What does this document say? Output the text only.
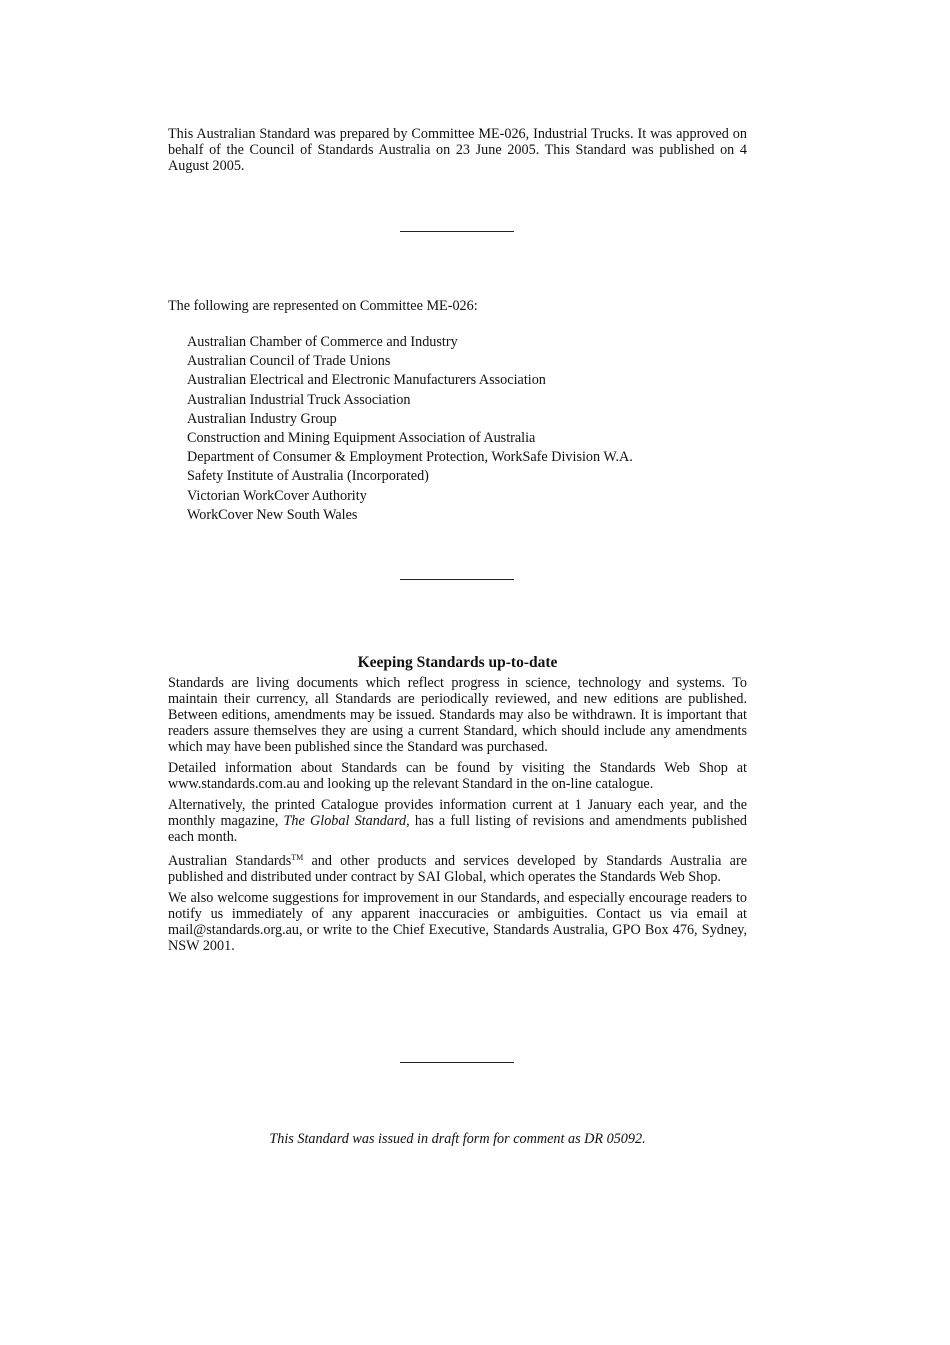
This Australian Standard was prepared by Committee ME-026, Industrial Trucks. It was approved on behalf of the Council of Standards Australia on 23 June 2005. This Standard was published on 4 August 2005.

The following are represented on Committee ME-026:

Australian Chamber of Commerce and Industry
Australian Council of Trade Unions
Australian Electrical and Electronic Manufacturers Association
Australian Industrial Truck Association
Australian Industry Group
Construction and Mining Equipment Association of Australia
Department of Consumer & Employment Protection, WorkSafe Division W.A.
Safety Institute of Australia (Incorporated)
Victorian WorkCover Authority
WorkCover New South Wales
Keeping Standards up-to-date

Standards are living documents which reflect progress in science, technology and systems. To maintain their currency, all Standards are periodically reviewed, and new editions are published. Between editions, amendments may be issued. Standards may also be withdrawn. It is important that readers assure themselves they are using a current Standard, which should include any amendments which may have been published since the Standard was purchased.

Detailed information about Standards can be found by visiting the Standards Web Shop at www.standards.com.au and looking up the relevant Standard in the on-line catalogue.

Alternatively, the printed Catalogue provides information current at 1 January each year, and the monthly magazine, The Global Standard, has a full listing of revisions and amendments published each month.

Australian Standards™ and other products and services developed by Standards Australia are published and distributed under contract by SAI Global, which operates the Standards Web Shop.

We also welcome suggestions for improvement in our Standards, and especially encourage readers to notify us immediately of any apparent inaccuracies or ambiguities. Contact us via email at mail@standards.org.au, or write to the Chief Executive, Standards Australia, GPO Box 476, Sydney, NSW 2001.

This Standard was issued in draft form for comment as DR 05092.
